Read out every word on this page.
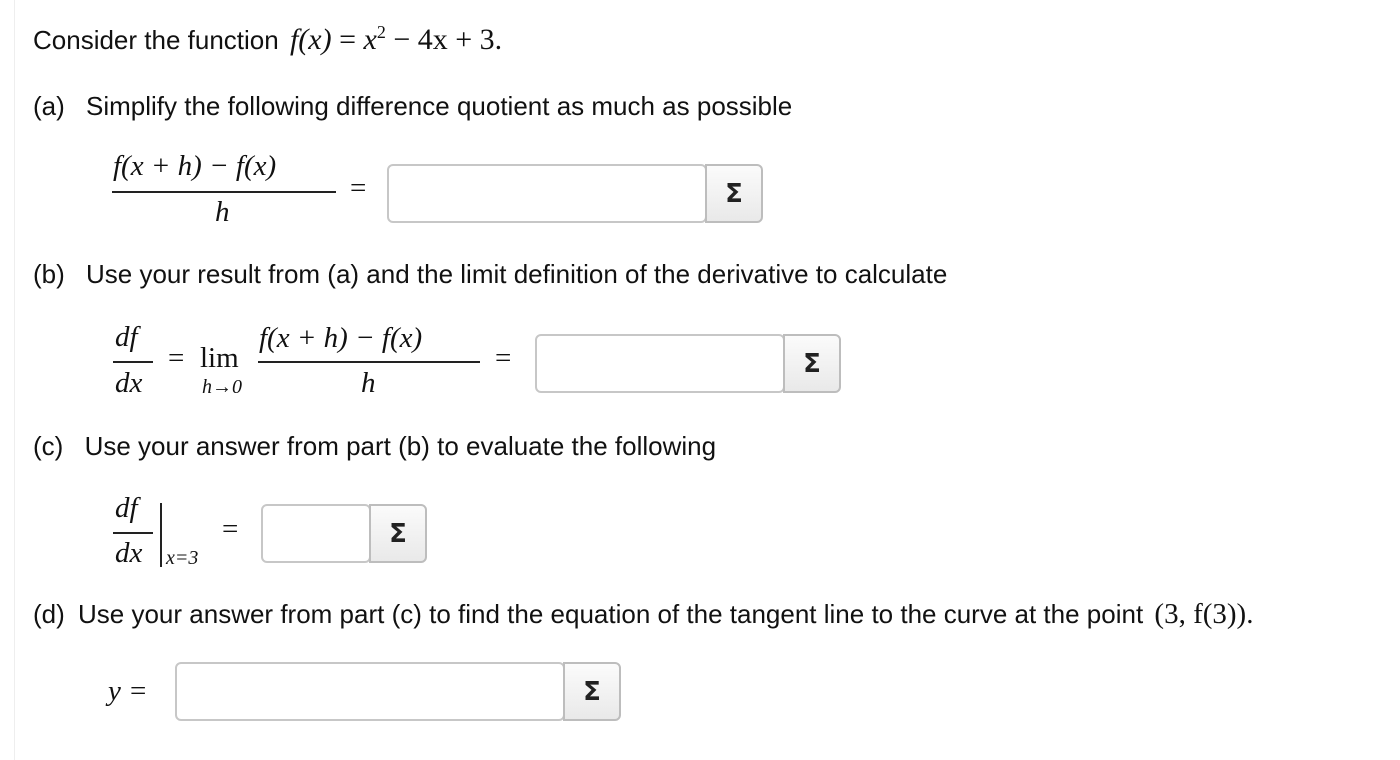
Consider the function $f(x) = x^2 - 4x + 3$.
(a) Simplify the following difference quotient as much as possible
f(x + h) − f(x)
h
=	Σ
(b) Use your result from (a) and the limit definition of the derivative to calculate
df
dx
= lim
h→0
f(x + h) − f(x)
h
=	Σ
(c) Use your answer from part (b) to evaluate the following
df
dx x=3
=	Σ
(d) Use your answer from part (c) to find the equation of the tangent line to the curve at the point (3, f(3)).
y =	Σ
